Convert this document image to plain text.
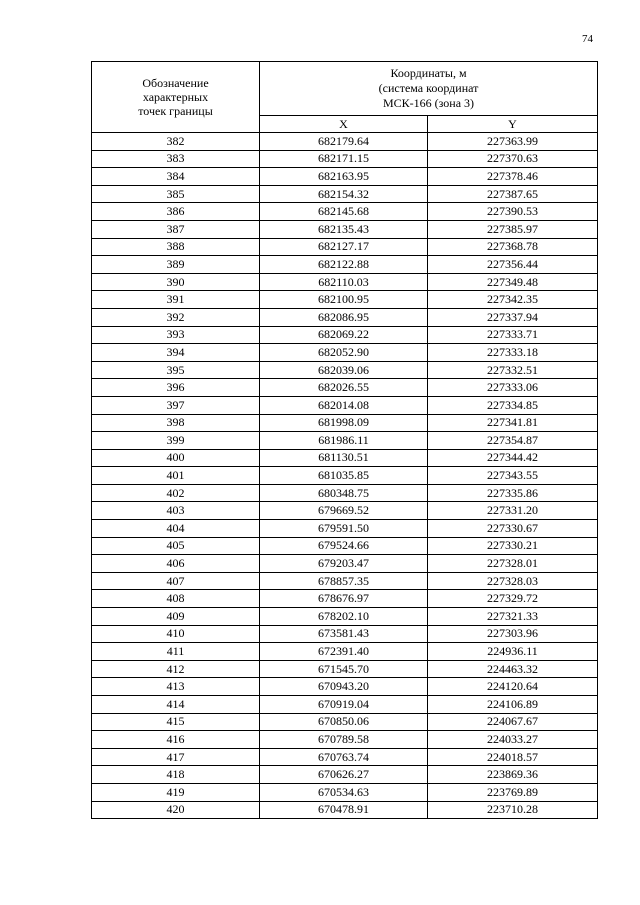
74
Обозначение
характерных
точек границы	Координаты, м
(система координат
МСК-166 (зона 3)	

	X	Y
382	682179.64	227363.99
383	682171.15	227370.63
384	682163.95	227378.46
385	682154.32	227387.65
386	682145.68	227390.53
387	682135.43	227385.97
388	682127.17	227368.78
389	682122.88	227356.44
390	682110.03	227349.48
391	682100.95	227342.35
392	682086.95	227337.94
393	682069.22	227333.71
394	682052.90	227333.18
395	682039.06	227332.51
396	682026.55	227333.06
397	682014.08	227334.85
398	681998.09	227341.81
399	681986.11	227354.87
400	681130.51	227344.42
401	681035.85	227343.55
402	680348.75	227335.86
403	679669.52	227331.20
404	679591.50	227330.67
405	679524.66	227330.21
406	679203.47	227328.01
407	678857.35	227328.03
408	678676.97	227329.72
409	678202.10	227321.33
410	673581.43	227303.96
411	672391.40	224936.11
412	671545.70	224463.32
413	670943.20	224120.64
414	670919.04	224106.89
415	670850.06	224067.67
416	670789.58	224033.27
417	670763.74	224018.57
418	670626.27	223869.36
419	670534.63	223769.89
420	670478.91	223710.28
